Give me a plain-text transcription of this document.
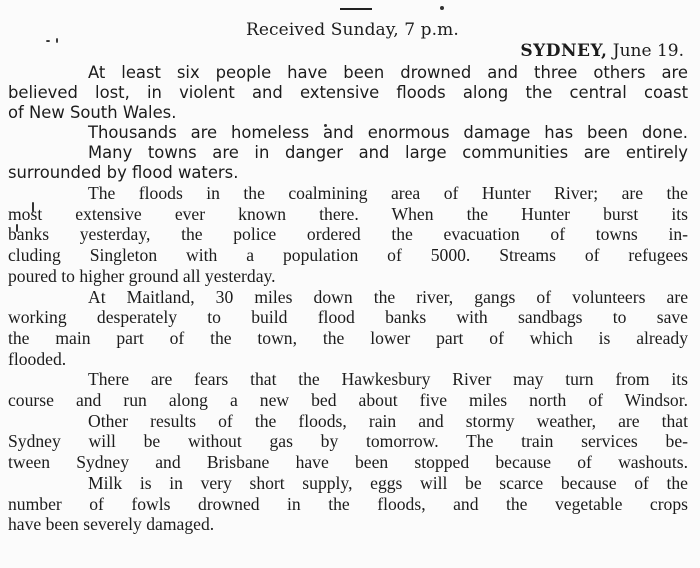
Received Sunday, 7 p.m.
SYDNEY, June 19.

At least six people have been drowned and three others are
believed lost, in violent and extensive floods along the central coast
of New South Wales.

Thousands are homeless and enormous damage has been done.

Many towns are in danger and large communities are entirely
surrounded by flood waters.

The floods in the coalmining area of Hunter River; are the
most extensive ever known there. When the Hunter burst its
banks yesterday, the police ordered the evacuation of towns in-
cluding Singleton with a population of 5000. Streams of refugees
poured to higher ground all yesterday.

At Maitland, 30 miles down the river, gangs of volunteers are
working desperately to build flood banks with sandbags to save
the main part of the town, the lower part of which is already
flooded.

There are fears that the Hawkesbury River may turn from its
course and run along a new bed about five miles north of Windsor.

Other results of the floods, rain and stormy weather, are that
Sydney will be without gas by tomorrow. The train services be-
tween Sydney and Brisbane have been stopped because of washouts.

Milk is in very short supply, eggs will be scarce because of the
number of fowls drowned in the floods, and the vegetable crops
have been severely damaged.
